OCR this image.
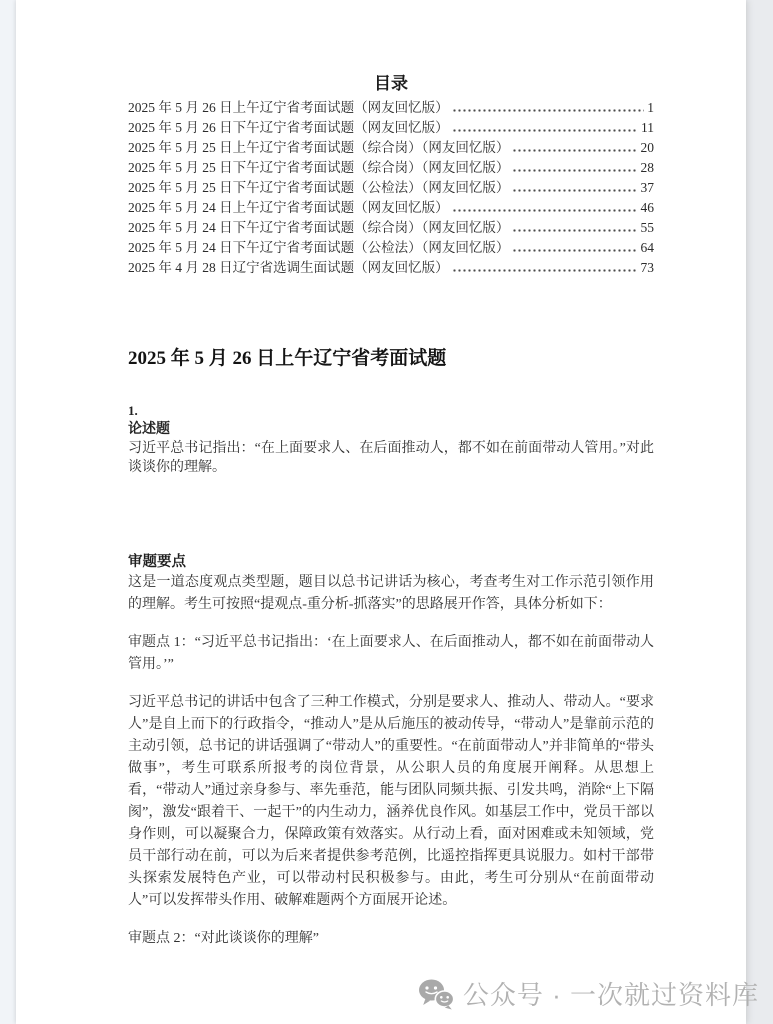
目录
2025 年 5 月 26 日上午辽宁省考面试题（网友回忆版）	1
2025 年 5 月 26 日下午辽宁省考面试题（网友回忆版）	11
2025 年 5 月 25 日上午辽宁省考面试题（综合岗）（网友回忆版）	20
2025 年 5 月 25 日下午辽宁省考面试题（综合岗）（网友回忆版）	28
2025 年 5 月 25 日下午辽宁省考面试题（公检法）（网友回忆版）	37
2025 年 5 月 24 日上午辽宁省考面试题（网友回忆版）	46
2025 年 5 月 24 日下午辽宁省考面试题（综合岗）（网友回忆版）	55
2025 年 5 月 24 日下午辽宁省考面试题（公检法）（网友回忆版）	64
2025 年 4 月 28 日辽宁省选调生面试题（网友回忆版）	73
2025 年 5 月 26 日上午辽宁省考面试题
1.
论述题

习近平总书记指出：“在上面要求人、在后面推动人，都不如在前面带动人管用。”对此谈谈你的理解。

审题要点

这是一道态度观点类型题，题目以总书记讲话为核心，考查考生对工作示范引领作用的理解。考生可按照“提观点-重分析-抓落实”的思路展开作答，具体分析如下：

审题点 1：“习近平总书记指出：‘在上面要求人、在后面推动人，都不如在前面带动人管用。’”

习近平总书记的讲话中包含了三种工作模式，分别是要求人、推动人、带动人。“要求人”是自上而下的行政指令，“推动人”是从后施压的被动传导，“带动人”是靠前示范的主动引领，总书记的讲话强调了“带动人”的重要性。“在前面带动人”并非简单的“带头做事”，考生可联系所报考的岗位背景，从公职人员的角度展开阐释。从思想上看，“带动人”通过亲身参与、率先垂范，能与团队同频共振、引发共鸣，消除“上下隔阂”，激发“跟着干、一起干”的内生动力，涵养优良作风。如基层工作中，党员干部以身作则，可以凝聚合力，保障政策有效落实。从行动上看，面对困难或未知领域，党员干部行动在前，可以为后来者提供参考范例，比遥控指挥更具说服力。如村干部带头探索发展特色产业，可以带动村民积极参与。由此，考生可分别从“在前面带动人”可以发挥带头作用、破解难题两个方面展开论述。

审题点 2：“对此谈谈你的理解”

公众号 · 一次就过资料库
